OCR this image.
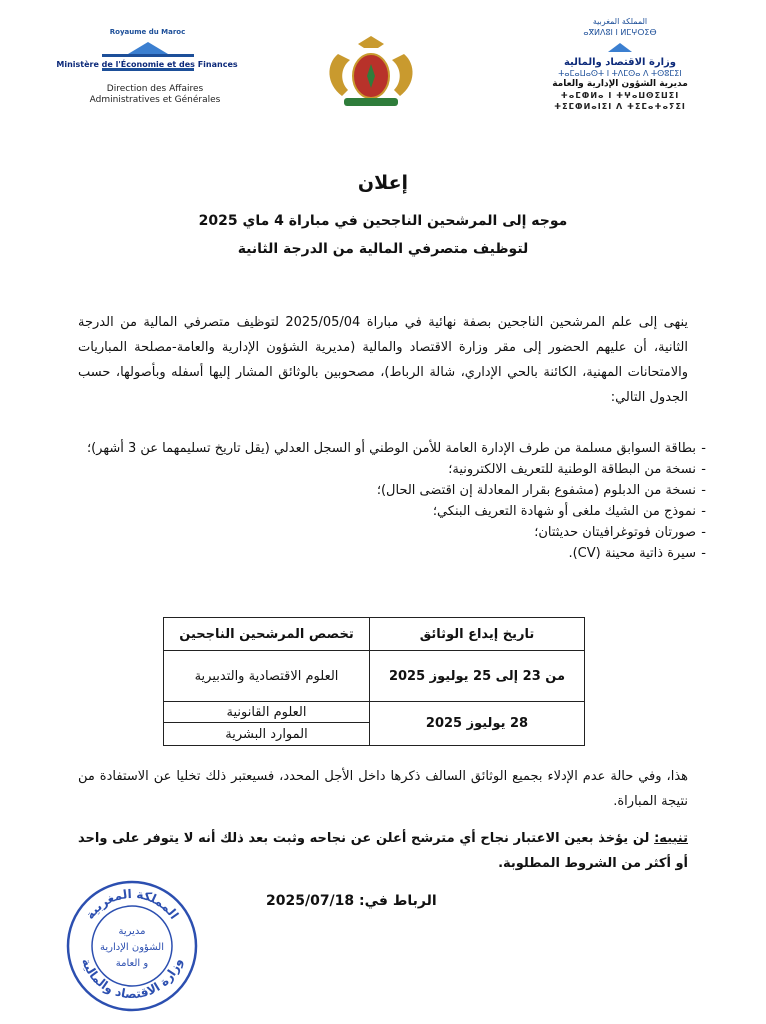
Royaume du Maroc
Ministère de l'Économie et des Finances
Direction des Affaires
Administratives et Générales
المملكة المغربية
ⴰⴳⵍⴷⵓⵏ ⵏ ⵍⵎⵖⵔⵉⴱ
وزارة الاقتصاد والمالية
ⵜⴰⵎⴰⵡⴰⵙⵜ ⵏ ⵜⴷⵎⵙⴰ ⴷ ⵜⵙⵓⵎⵉⵏ
مديرية الشؤون الإدارية والعامة
ⵜⴰⵎⵀⵍⴰ ⵏ ⵜⵖⴰⵡⵙⵉⵡⵉⵏ
ⵜⵉⵎⵀⵍⴰⵏⵉⵏ ⴷ ⵜⵉⵎⴰⵜⴰⵢⵉⵏ
إعلان
موجه إلى المرشحين الناجحين في مباراة 4 ماي 2025
لتوظيف متصرفي المالية من الدرجة الثانية
ينهى إلى علم المرشحين الناجحين بصفة نهائية في مباراة 2025/05/04 لتوظيف متصرفي المالية من الدرجة الثانية، أن عليهم الحضور إلى مقر وزارة الاقتصاد والمالية (مديرية الشؤون الإدارية والعامة-مصلحة المباريات والامتحانات المهنية، الكائنة بالحي الإداري، شالة الرباط)، مصحوبين بالوثائق المشار إليها أسفله وبأصولها، حسب الجدول التالي:
- بطاقة السوابق مسلمة من طرف الإدارة العامة للأمن الوطني أو السجل العدلي (يقل تاريخ تسليمهما عن 3 أشهر)؛
- نسخة من البطاقة الوطنية للتعريف الالكترونية؛
- نسخة من الدبلوم (مشفوع بقرار المعادلة إن اقتضى الحال)؛
- نموذج من الشيك ملغى أو شهادة التعريف البنكي؛
- صورتان فوتوغرافيتان حديثتان؛
- سيرة ذاتية محينة (CV).
تاريخ إيداع الوثائق	تخصص المرشحين الناجحين
من 23 إلى 25 يوليوز 2025	العلوم الاقتصادية والتدبيرية
28 يوليوز 2025	العلوم القانونية
	الموارد البشرية
هذا، وفي حالة عدم الإدلاء بجميع الوثائق السالف ذكرها داخل الأجل المحدد، فسيعتبر ذلك تخليا عن الاستفادة من نتيجة المباراة.
تنبيه: لن يؤخذ بعين الاعتبار نجاح أي مترشح أعلن عن نجاحه وثبت بعد ذلك أنه لا يتوفر على واحد أو أكثر من الشروط المطلوبة.
الرباط في: 2025/07/18
المملكة المغربية
وزارة الاقتصاد والمالية
مديرية
الشؤون الإدارية
و العامة
